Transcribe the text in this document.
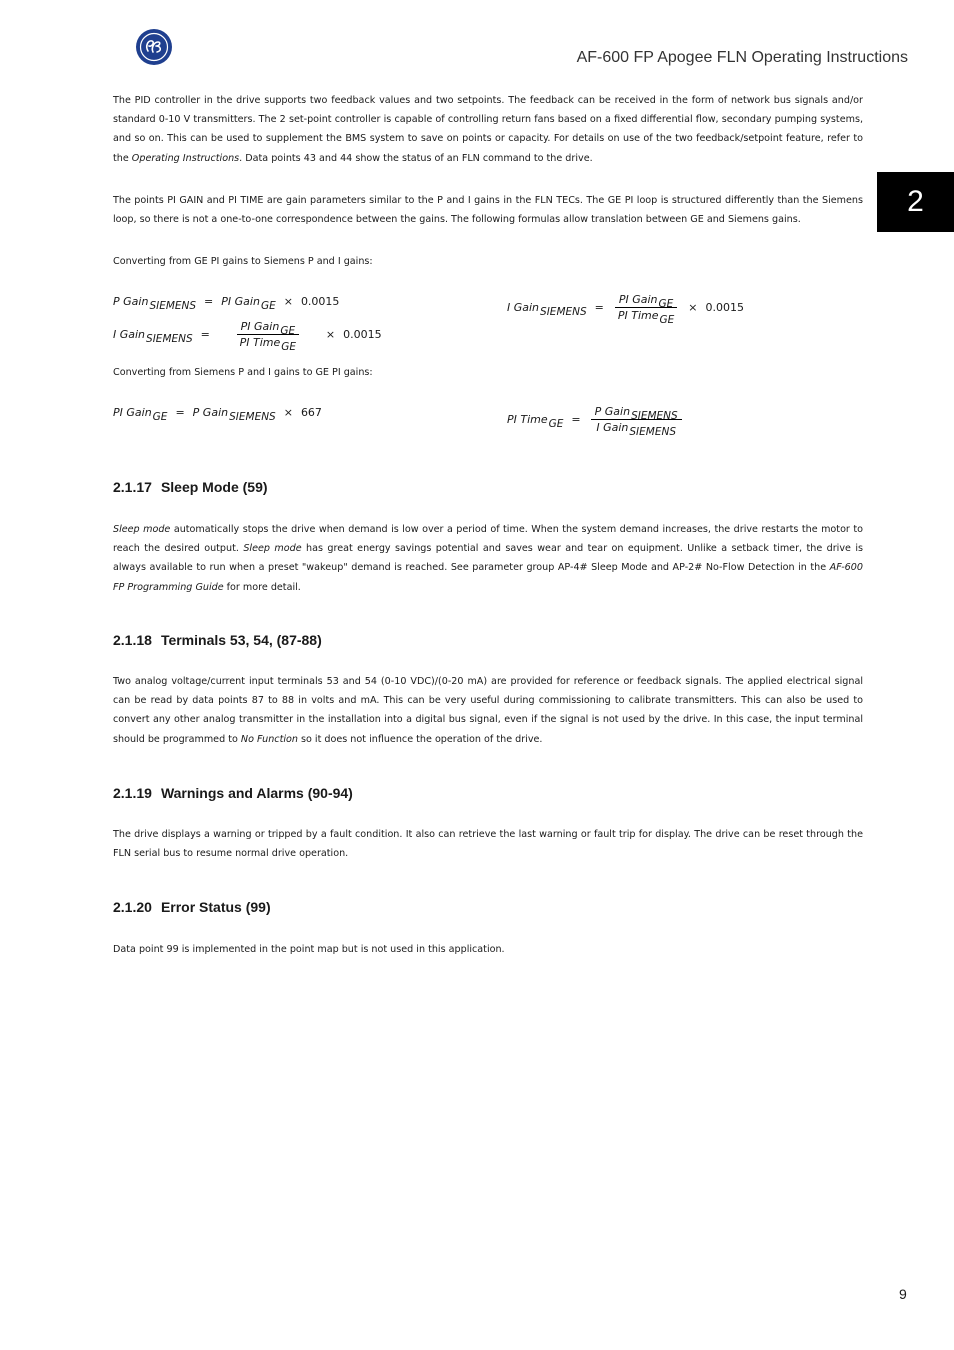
AF-600 FP Apogee FLN Operating Instructions
2

The PID controller in the drive supports two feedback values and two setpoints. The feedback can be received in the form of network bus signals and/or standard 0-10 V transmitters. The 2 set-point controller is capable of controlling return fans based on a fixed differential flow, secondary pumping systems, and so on. This can be used to supplement the BMS system to save on points or capacity. For details on use of the two feedback/setpoint feature, refer to the Operating Instructions. Data points 43 and 44 show the status of an FLN command to the drive.

The points PI GAIN and PI TIME are gain parameters similar to the P and I gains in the FLN TECs. The GE PI loop is structured differently than the Siemens loop, so there is not a one-to-one correspondence between the gains. The following formulas allow translation between GE and Siemens gains.

Converting from GE PI gains to Siemens P and I gains:

P Gain SIEMENS = PI Gain GE × 0.0015
I Gain SIEMENS = $\frac{\text{PI GainGE}}{\text{PI TimeGE}} \times 0.0015$
I Gain SIEMENS = $\frac{\text{PI GainGE}}{\text{PI TimeGE}} \times 0.0015$

Converting from Siemens P and I gains to GE PI gains:

PI Gain GE = P Gain SIEMENS × 667
PI Time GE = $\frac{\text{P GainSIEMENS}}{\text{I GainSIEMENS}}$
2.1.17 Sleep Mode (59)

Sleep mode automatically stops the drive when demand is low over a period of time. When the system demand increases, the drive restarts the motor to reach the desired output. Sleep mode has great energy savings potential and saves wear and tear on equipment. Unlike a setback timer, the drive is always available to run when a preset "wakeup" demand is reached. See parameter group AP-4# Sleep Mode and AP-2# No-Flow Detection in the AF-600 FP Programming Guide for more detail.

2.1.18 Terminals 53, 54, (87-88)

Two analog voltage/current input terminals 53 and 54 (0-10 VDC)/(0-20 mA) are provided for reference or feedback signals. The applied electrical signal can be read by data points 87 to 88 in volts and mA. This can be very useful during commissioning to calibrate transmitters. This can also be used to convert any other analog transmitter in the installation into a digital bus signal, even if the signal is not used by the drive. In this case, the input terminal should be programmed to No Function so it does not influence the operation of the drive.

2.1.19 Warnings and Alarms (90-94)

The drive displays a warning or tripped by a fault condition. It also can retrieve the last warning or fault trip for display. The drive can be reset through the FLN serial bus to resume normal drive operation.

2.1.20 Error Status (99)

Data point 99 is implemented in the point map but is not used in this application.

9
